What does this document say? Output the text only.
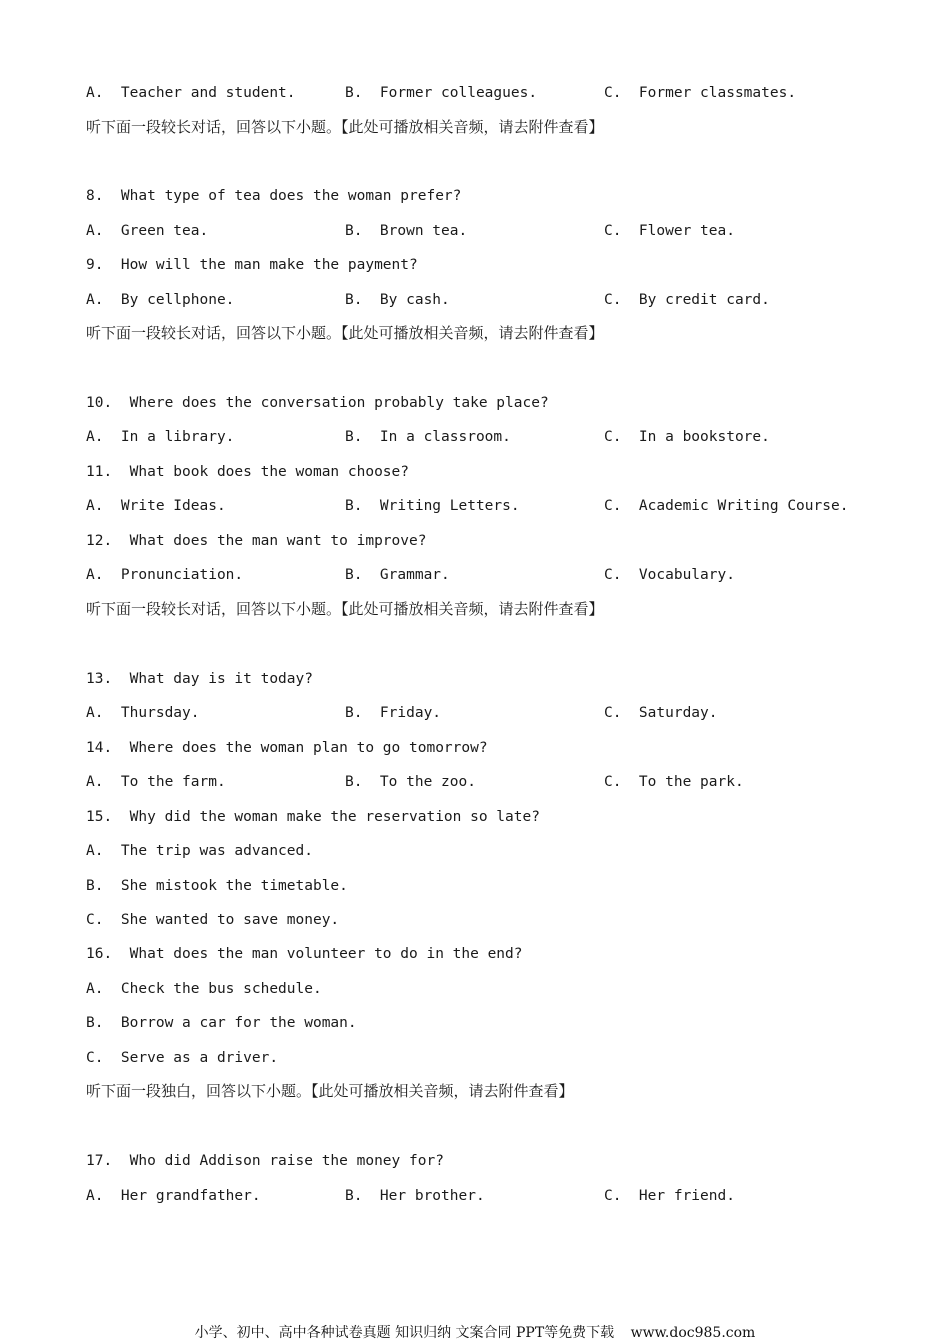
A.  Teacher and student.	B.  Former colleagues.	C.  Former classmates.
听下面一段较长对话，回答以下小题。【此处可播放相关音频，请去附件查看】
8.  What type of tea does the woman prefer?
A.  Green tea.	B.  Brown tea.	C.  Flower tea.
9.  How will the man make the payment?
A.  By cellphone.	B.  By cash.	C.  By credit card.
听下面一段较长对话，回答以下小题。【此处可播放相关音频，请去附件查看】
10.  Where does the conversation probably take place?
A.  In a library.	B.  In a classroom.	C.  In a bookstore.
11.  What book does the woman choose?
A.  Write Ideas.	B.  Writing Letters.	C.  Academic Writing Course.
12.  What does the man want to improve?
A.  Pronunciation.	B.  Grammar.	C.  Vocabulary.
听下面一段较长对话，回答以下小题。【此处可播放相关音频，请去附件查看】
13.  What day is it today?
A.  Thursday.	B.  Friday.	C.  Saturday.
14.  Where does the woman plan to go tomorrow?
A.  To the farm.	B.  To the zoo.	C.  To the park.
15.  Why did the woman make the reservation so late?
A.  The trip was advanced.
B.  She mistook the timetable.
C.  She wanted to save money.
16.  What does the man volunteer to do in the end?
A.  Check the bus schedule.
B.  Borrow a car for the woman.
C.  Serve as a driver.
听下面一段独白，回答以下小题。【此处可播放相关音频，请去附件查看】
17.  Who did Addison raise the money for?
A.  Her grandfather.	B.  Her brother.	C.  Her friend.
小学、初中、高中各种试卷真题 知识归纳 文案合同 PPT等免费下载 www.doc985.com
